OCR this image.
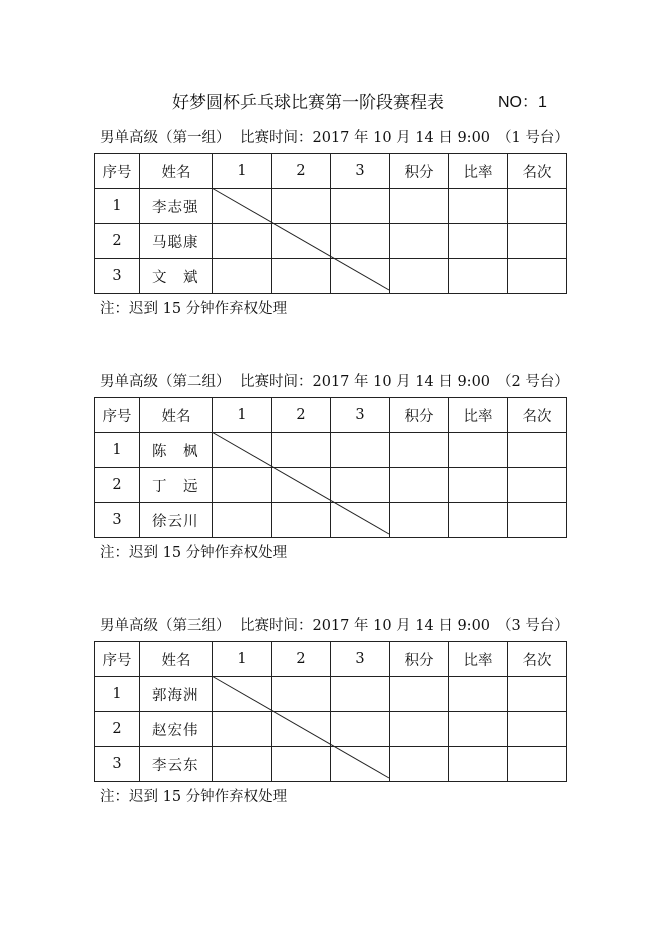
好梦圆杯乒乓球比赛第一阶段赛程表	NO：1
男单高级（第一组） 比赛时间：2017 年 10 月 14 日 9:00 （1 号台）
序号	姓名	1	2	3	积分	比率	名次
1	李志强						
2	马聪康						
3	文　斌						
注：迟到 15 分钟作弃权处理
男单高级（第二组） 比赛时间：2017 年 10 月 14 日 9:00 （2 号台）
序号	姓名	1	2	3	积分	比率	名次
1	陈　枫						
2	丁　远						
3	徐云川						
注：迟到 15 分钟作弃权处理
男单高级（第三组） 比赛时间：2017 年 10 月 14 日 9:00 （3 号台）
序号	姓名	1	2	3	积分	比率	名次
1	郭海洲						
2	赵宏伟						
3	李云东						
注：迟到 15 分钟作弃权处理
